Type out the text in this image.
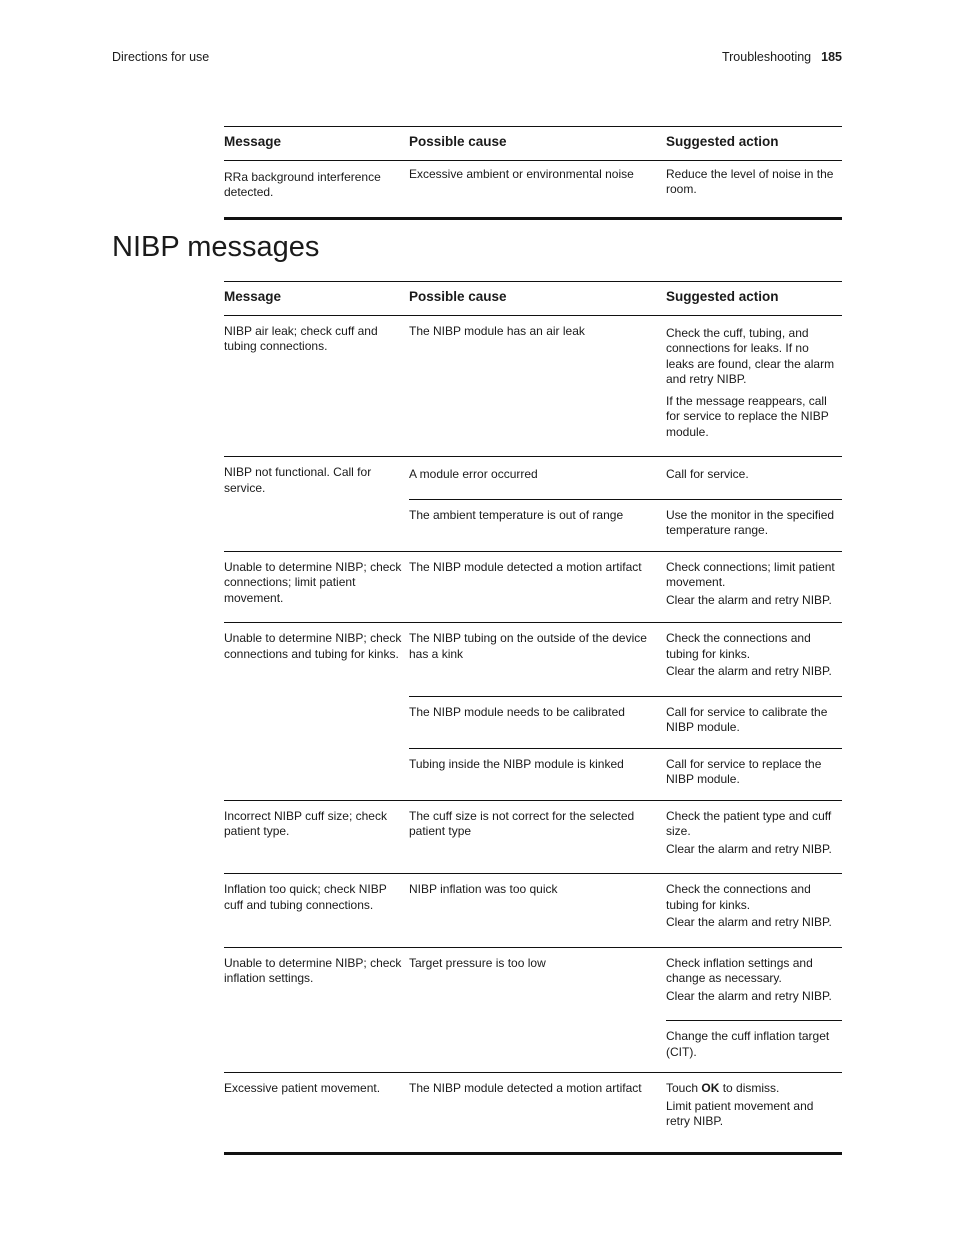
Directions for use	Troubleshooting 185
Message	Possible cause	Suggested action
RRa background interference detected.	Excessive ambient or environmental noise	Reduce the level of noise in the room.
NIBP messages
Message	Possible cause	Suggested action
NIBP air leak; check cuff and tubing connections.	The NIBP module has an air leak	Check the cuff, tubing, and connections for leaks. If no leaks are found, clear the alarm and retry NIBP.

If the message reappears, call for service to replace the NIBP module.

NIBP not functional. Call for service.	A module error occurred	Call for service.
	The ambient temperature is out of range	Use the monitor in the specified temperature range.
Unable to determine NIBP; check connections; limit patient movement.	The NIBP module detected a motion artifact	Check connections; limit patient movement.

Clear the alarm and retry NIBP.

Unable to determine NIBP; check connections and tubing for kinks.	The NIBP tubing on the outside of the device has a kink	Check the connections and tubing for kinks.

Clear the alarm and retry NIBP.

	The NIBP module needs to be calibrated	Call for service to calibrate the NIBP module.
	Tubing inside the NIBP module is kinked	Call for service to replace the NIBP module.
Incorrect NIBP cuff size; check patient type.	The cuff size is not correct for the selected patient type	Check the patient type and cuff size.

Clear the alarm and retry NIBP.

Inflation too quick; check NIBP cuff and tubing connections.	NIBP inflation was too quick	Check the connections and tubing for kinks.

Clear the alarm and retry NIBP.

Unable to determine NIBP; check inflation settings.	Target pressure is too low	Check inflation settings and change as necessary.

Clear the alarm and retry NIBP.

		Change the cuff inflation target (CIT).
Excessive patient movement.	The NIBP module detected a motion artifact	Touch OK to dismiss.

Limit patient movement and retry NIBP.
